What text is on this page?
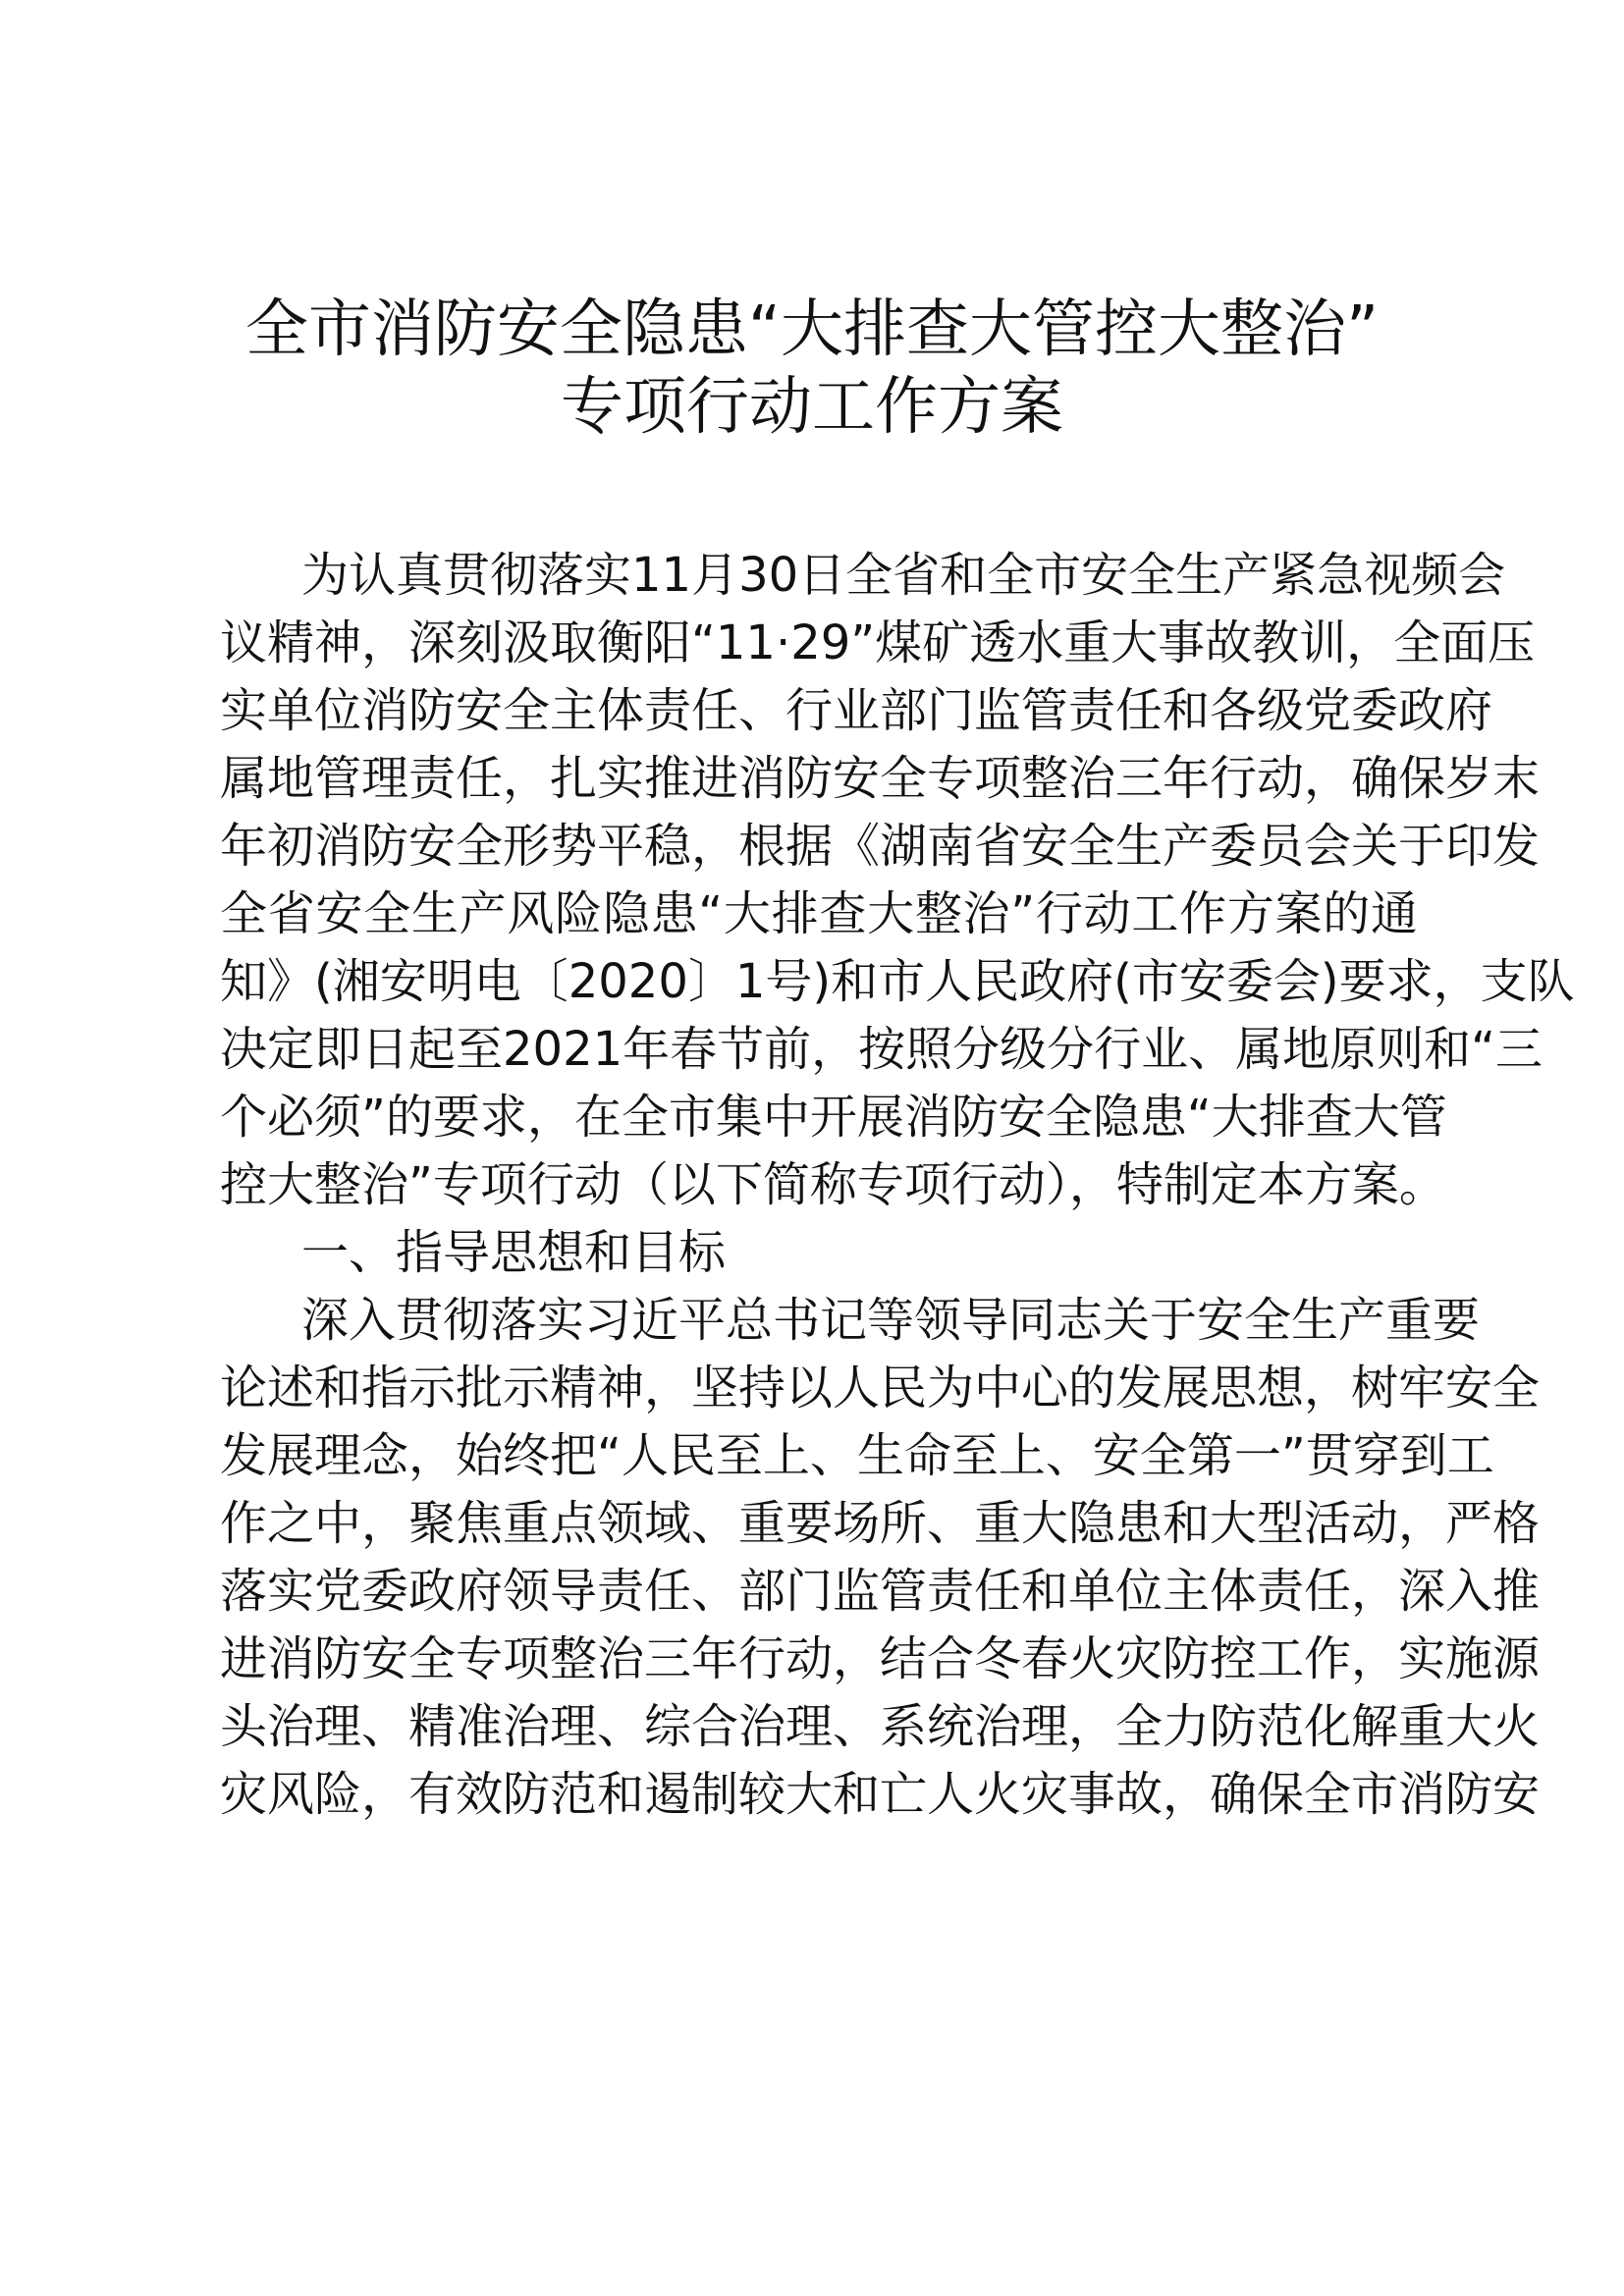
全市消防安全隐患“大排查大管控大整治”
专项行动工作方案
为认真贯彻落实11月30日全省和全市安全生产紧急视频会
议精神，深刻汲取衡阳“11·29”煤矿透水重大事故教训，全面压
实单位消防安全主体责任、行业部门监管责任和各级党委政府
属地管理责任，扎实推进消防安全专项整治三年行动，确保岁末
年初消防安全形势平稳，根据《湖南省安全生产委员会关于印发
全省安全生产风险隐患“大排查大整治”行动工作方案的通
知》(湘安明电〔2020〕1号)和市人民政府(市安委会)要求，支队
决定即日起至2021年春节前，按照分级分行业、属地原则和“三
个必须”的要求，在全市集中开展消防安全隐患“大排查大管
控大整治”专项行动（以下简称专项行动），特制定本方案。
一、指导思想和目标
深入贯彻落实习近平总书记等领导同志关于安全生产重要
论述和指示批示精神，坚持以人民为中心的发展思想，树牢安全
发展理念，始终把“人民至上、生命至上、安全第一”贯穿到工
作之中，聚焦重点领域、重要场所、重大隐患和大型活动，严格
落实党委政府领导责任、部门监管责任和单位主体责任，深入推
进消防安全专项整治三年行动，结合冬春火灾防控工作，实施源
头治理、精准治理、综合治理、系统治理，全力防范化解重大火
灾风险，有效防范和遏制较大和亡人火灾事故，确保全市消防安
